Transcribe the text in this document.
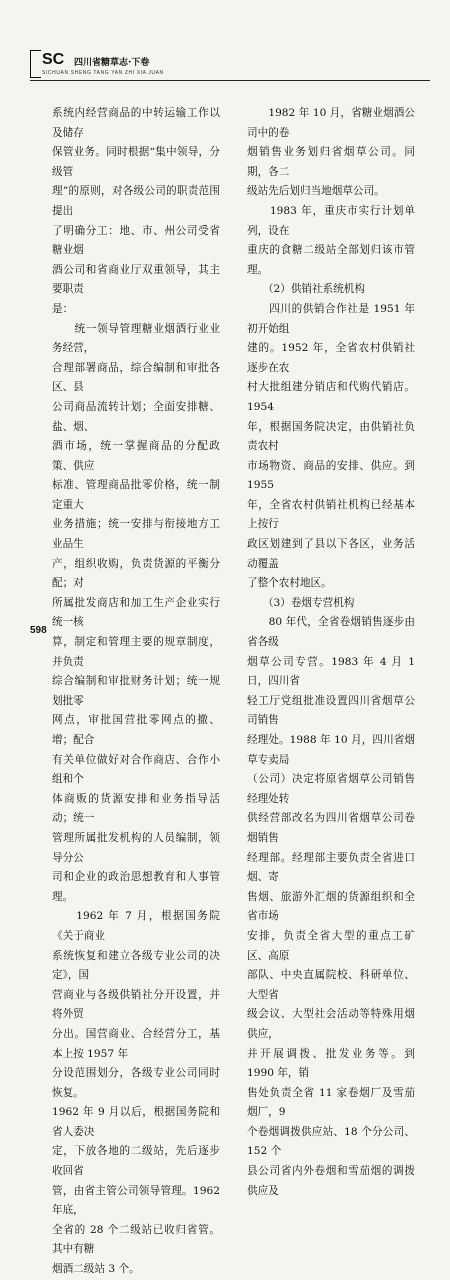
SC 四川省糖草志·下卷
SICHUAN SHENG TANG YAN ZHI XIA JUAN

系统内经营商品的中转运输工作以及储存
保管业务。同时根据“集中领导，分级管
理”的原则，对各级公司的职责范围提出
了明确分工：地、市、州公司受省糖业烟
酒公司和省商业厅双重领导，其主要职责
是：

　　统一领导管理糖业烟酒行业业务经营，
合理部署商品，综合编制和审批各区、县
公司商品流转计划；全面安排糖、盐、烟、
酒市场，统一掌握商品的分配政策、供应
标准、管理商品批零价格，统一制定重大
业务措施；统一安排与衔接地方工业品生
产，组织收购，负责货源的平衡分配；对
所属批发商店和加工生产企业实行统一核
算，制定和管理主要的规章制度，并负责
综合编制和审批财务计划；统一规划批零
网点，审批国营批零网点的撤、增；配合
有关单位做好对合作商店、合作小组和个
体商贩的货源安排和业务指导活动；统一
管理所属批发机构的人员编制，领导分公
司和企业的政治思想教育和人事管理。

　　1962 年 7 月，根据国务院《关于商业
系统恢复和建立各级专业公司的决定》，国
营商业与各级供销社分开设置，并将外贸
分出。国营商业、合经营分工，基本上按 1957 年
分设范围划分，各级专业公司同时恢复。
1962 年 9 月以后，根据国务院和省人委决
定，下放各地的二级站，先后逐步收回省
管，由省主管公司领导管理。1962 年底，
全省的 28 个二级站已收归省管。其中有糖
烟酒二级站 3 个。

　　1982 年 10 月，省糖业烟酒公司中的卷
烟销售业务划归省烟草公司。同期，各二
级站先后划归当地烟草公司。

　　1983 年，重庆市实行计划单列，设在
重庆的食糖二级站全部划归该市管理。

　　（2）供销社系统机构

　　四川的供销合作社是 1951 年初开始组
建的。1952 年，全省农村供销社逐步在农
村大批组建分销店和代购代销店。1954
年，根据国务院决定，由供销社负责农村
市场物资、商品的安排、供应。到 1955
年，全省农村供销社机构已经基本上按行
政区划建到了县以下各区，业务活动覆盖
了整个农村地区。

　　（3）卷烟专营机构

　　80 年代，全省卷烟销售逐步由省各级
烟草公司专营。1983 年 4 月 1 日，四川省
轻工厅党组批准设置四川省烟草公司销售
经理处。1988 年 10 月，四川省烟草专卖局
（公司）决定将原省烟草公司销售经理处转
供经营部改名为四川省烟草公司卷烟销售
经理部。经理部主要负责全省进口烟、寄
售烟、旅游外汇烟的货源组织和全省市场
安排，负责全省大型的重点工矿区、高原
部队、中央直属院校、科研单位、大型省
级会议、大型社会活动等特殊用烟供应，
并开展调拨、批发业务等。到 1990 年，销
售处负责全省 11 家卷烟厂及雪茄烟厂，9
个卷烟调拨供应站、18 个分公司、152 个
县公司省内外卷烟和雪茄烟的调拨供应及

598
